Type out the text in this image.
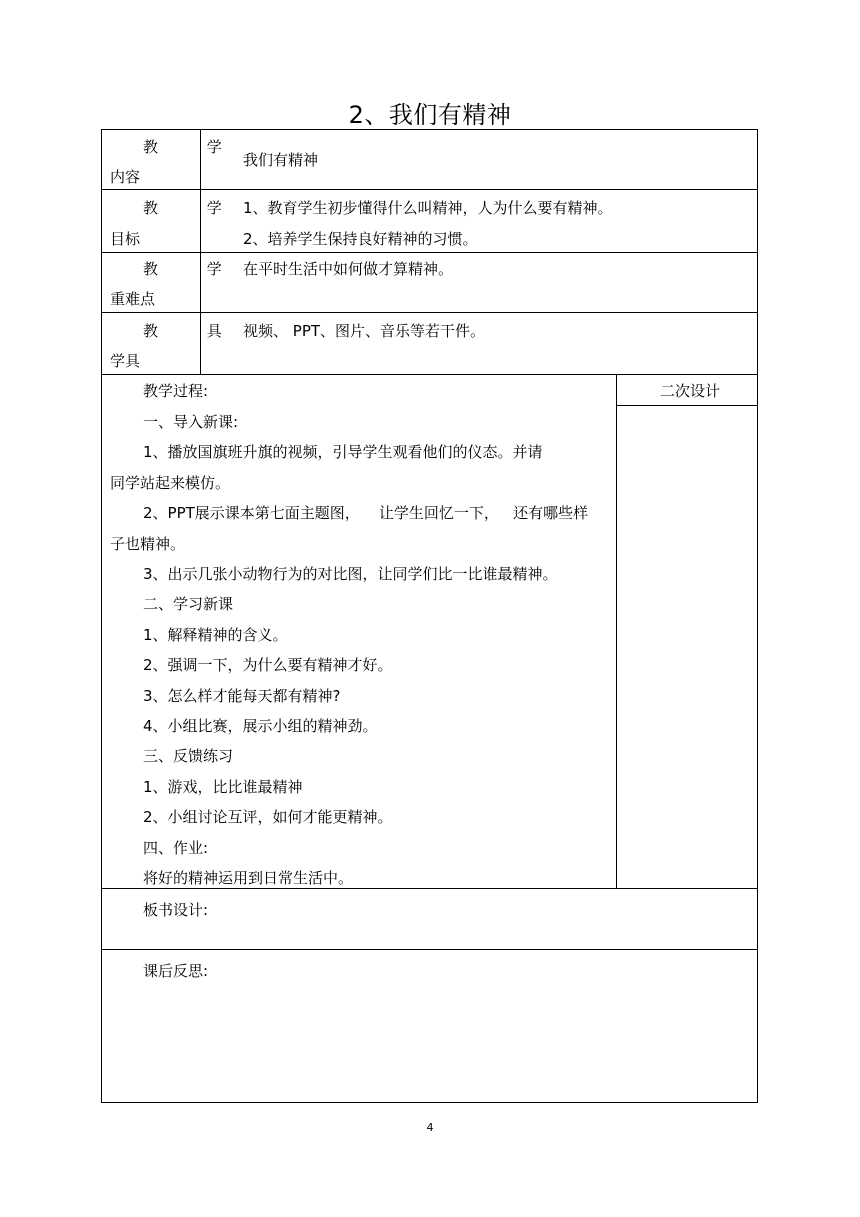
2、我们有精神
教 学
内容
我们有精神
教 学
目标
1、教育学生初步懂得什么叫精神，人为什么要有精神。
2、培养学生保持良好精神的习惯。
教 学
重难点
在平时生活中如何做才算精神。
教 具
学具
视频、 PPT、图片、音乐等若干件。
教学过程:	二次设计
一、导入新课:
1、播放国旗班升旗的视频，引导学生观看他们的仪态。并请
同学站起来模仿。
2、PPT展示课本第七面主题图，    让学生回忆一下，   还有哪些样
子也精神。
3、出示几张小动物行为的对比图，让同学们比一比谁最精神。
二、学习新课
1、解释精神的含义。
2、强调一下，为什么要有精神才好。
3、怎么样才能每天都有精神?
4、小组比赛，展示小组的精神劲。
三、反馈练习
1、游戏，比比谁最精神
2、小组讨论互评，如何才能更精神。
四、作业:
将好的精神运用到日常生活中。
板书设计:
课后反思:
4
